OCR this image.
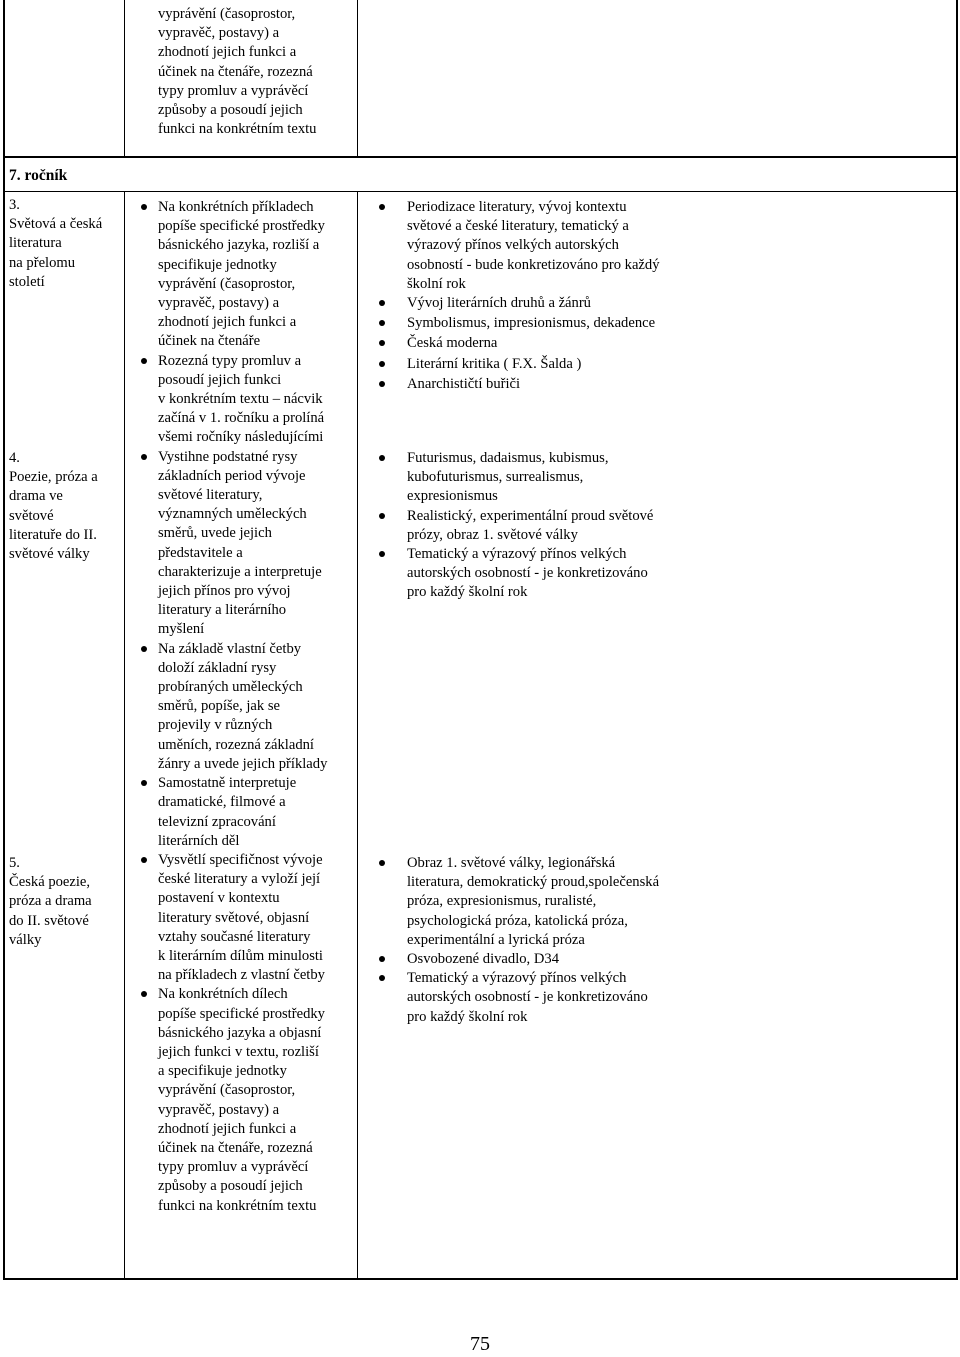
vyprávění (časoprostor,

vypravěč, postavy) a

zhodnotí jejich funkci a

účinek na čtenáře, rozezná

typy promluv a vyprávěcí

způsoby a posoudí jejich

funkci na konkrétním textu

7. ročník

3.

Světová a česká

literatura

na přelomu

století

4.

Poezie, próza a

drama ve

světové

literatuře do II.

světové války

5.

Česká poezie,

próza a drama

do II. světové

války

Na konkrétních příkladech
popíše specifické prostředky
básnického jazyka, rozliší a
specifikuje jednotky
vyprávění (časoprostor,
vypravěč, postavy) a
zhodnotí jejich funkci a
účinek na čtenáře
Rozezná typy promluv a
posoudí jejich funkci
v konkrétním textu – nácvik
začíná v 1. ročníku a prolíná
všemi ročníky následujícími
Vystihne podstatné rysy
základních period vývoje
světové literatury,
významných uměleckých
směrů, uvede jejich
představitele a
charakterizuje a interpretuje
jejich přínos pro vývoj
literatury a literárního
myšlení
Na základě vlastní četby
doloží základní rysy
probíraných uměleckých
směrů, popíše, jak se
projevily v různých
uměních, rozezná základní
žánry a uvede jejich příklady
Samostatně interpretuje
dramatické, filmové a
televizní zpracování
literárních děl
Vysvětlí specifičnost vývoje
české literatury a vyloží její
postavení v kontextu
literatury světové, objasní
vztahy současné literatury
k literárním dílům minulosti
na příkladech z vlastní četby
Na konkrétních dílech
popíše specifické prostředky
básnického jazyka a objasní
jejich funkci v textu, rozliší
a specifikuje jednotky
vyprávění (časoprostor,
vypravěč, postavy) a
zhodnotí jejich funkci a
účinek na čtenáře, rozezná
typy promluv a vyprávěcí
způsoby a posoudí jejich
funkci na konkrétním textu
Periodizace literatury, vývoj kontextu
světové a české literatury, tematický a
výrazový přínos velkých autorských
osobností - bude konkretizováno pro každý
školní rok
Vývoj literárních druhů a žánrů
Symbolismus, impresionismus, dekadence
Česká moderna
Literární kritika ( F.X. Šalda )
Anarchističtí buřiči
Futurismus, dadaismus, kubismus,
kubofuturismus, surrealismus,
expresionismus
Realistický, experimentální proud světové
prózy, obraz 1. světové války
Tematický a výrazový přínos velkých
autorských osobností - je konkretizováno
pro každý školní rok
Obraz 1. světové války, legionářská
literatura, demokratický proud,společenská
próza, expresionismus, ruralisté,
psychologická próza, katolická próza,
experimentální a lyrická próza
Osvobozené divadlo, D34
Tematický a výrazový přínos velkých
autorských osobností - je konkretizováno
pro každý školní rok
75
